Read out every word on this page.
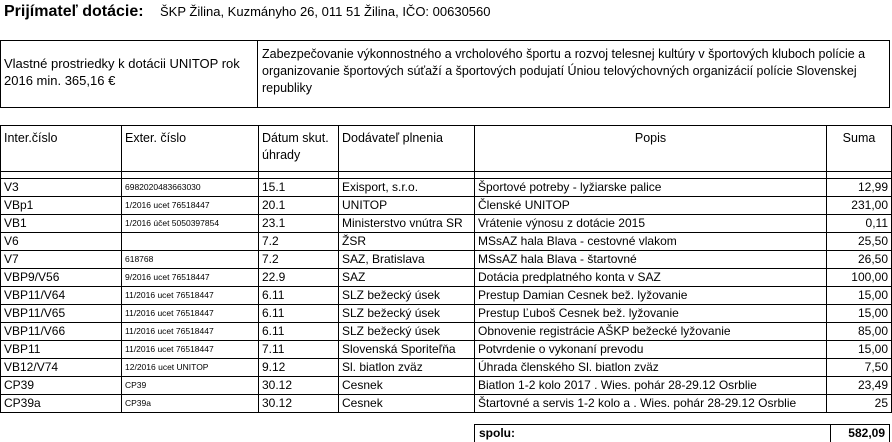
Prijímateľ dotácie: ŠKP Žilina, Kuzmányho 26, 011 51 Žilina, IČO: 00630560
Vlastné prostriedky k dotácii UNITOP rok 2016 min. 365,16 €
Zabezpečovanie výkonnostného a vrcholového športu a rozvoj telesnej kultúry v športových kluboch polície a organizovanie športových súťaží a športových podujatí Úniou telovýchovných organizácií polície Slovenskej republiky
Inter.číslo	Exter. číslo	Dátum skut. úhrady	Dodávateľ plnenia	Popis	Suma

V3	6982020483663030	15.1	Exisport, s.r.o.	Športové potreby - lyžiarske palice	12,99
VBp1	1/2016 ucet 76518447	20.1	UNITOP	Členské UNITOP	231,00
VB1	1/2016 účet 5050397854	23.1	Ministerstvo vnútra SR	Vrátenie výnosu z dotácie 2015	0,11
V6		7.2	ŽSR	MSsAZ hala Blava - cestovné vlakom	25,50
V7	618768	7.2	SAZ, Bratislava	MSsAZ hala Blava - štartovné	26,50
VBP9/V56	9/2016 ucet 76518447	22.9	SAZ	Dotácia predplatného konta v SAZ	100,00
VBP11/V64	11/2016 ucet 76518447	6.11	SLZ bežecký úsek	Prestup Damian Cesnek bež. lyžovanie	15,00
VBP11/V65	11/2016 ucet 76518447	6.11	SLZ bežecký úsek	Prestup Ľuboš Cesnek bež. lyžovanie	15,00
VBP11/V66	11/2016 ucet 76518447	6.11	SLZ bežecký úsek	Obnovenie registrácie AŠKP bežecké lyžovanie	85,00
VBP11	11/2016 ucet 76518447	7.11	Slovenská Sporiteľňa	Potvrdenie o vykonaní prevodu	15,00
VB12/V74	12/2016 ucet UNITOP	9.12	Sl. biatlon zväz	Úhrada členského Sl. biatlon zväz	7,50
CP39	CP39	30.12	Cesnek	Biatlon 1-2 kolo 2017 . Wies. pohár 28-29.12 Osrblie	23,49
CP39a	CP39a	30.12	Cesnek	Štartovné a servis 1-2 kolo a . Wies. pohár 28-29.12 Osrblie	25
spolu:	582,09
